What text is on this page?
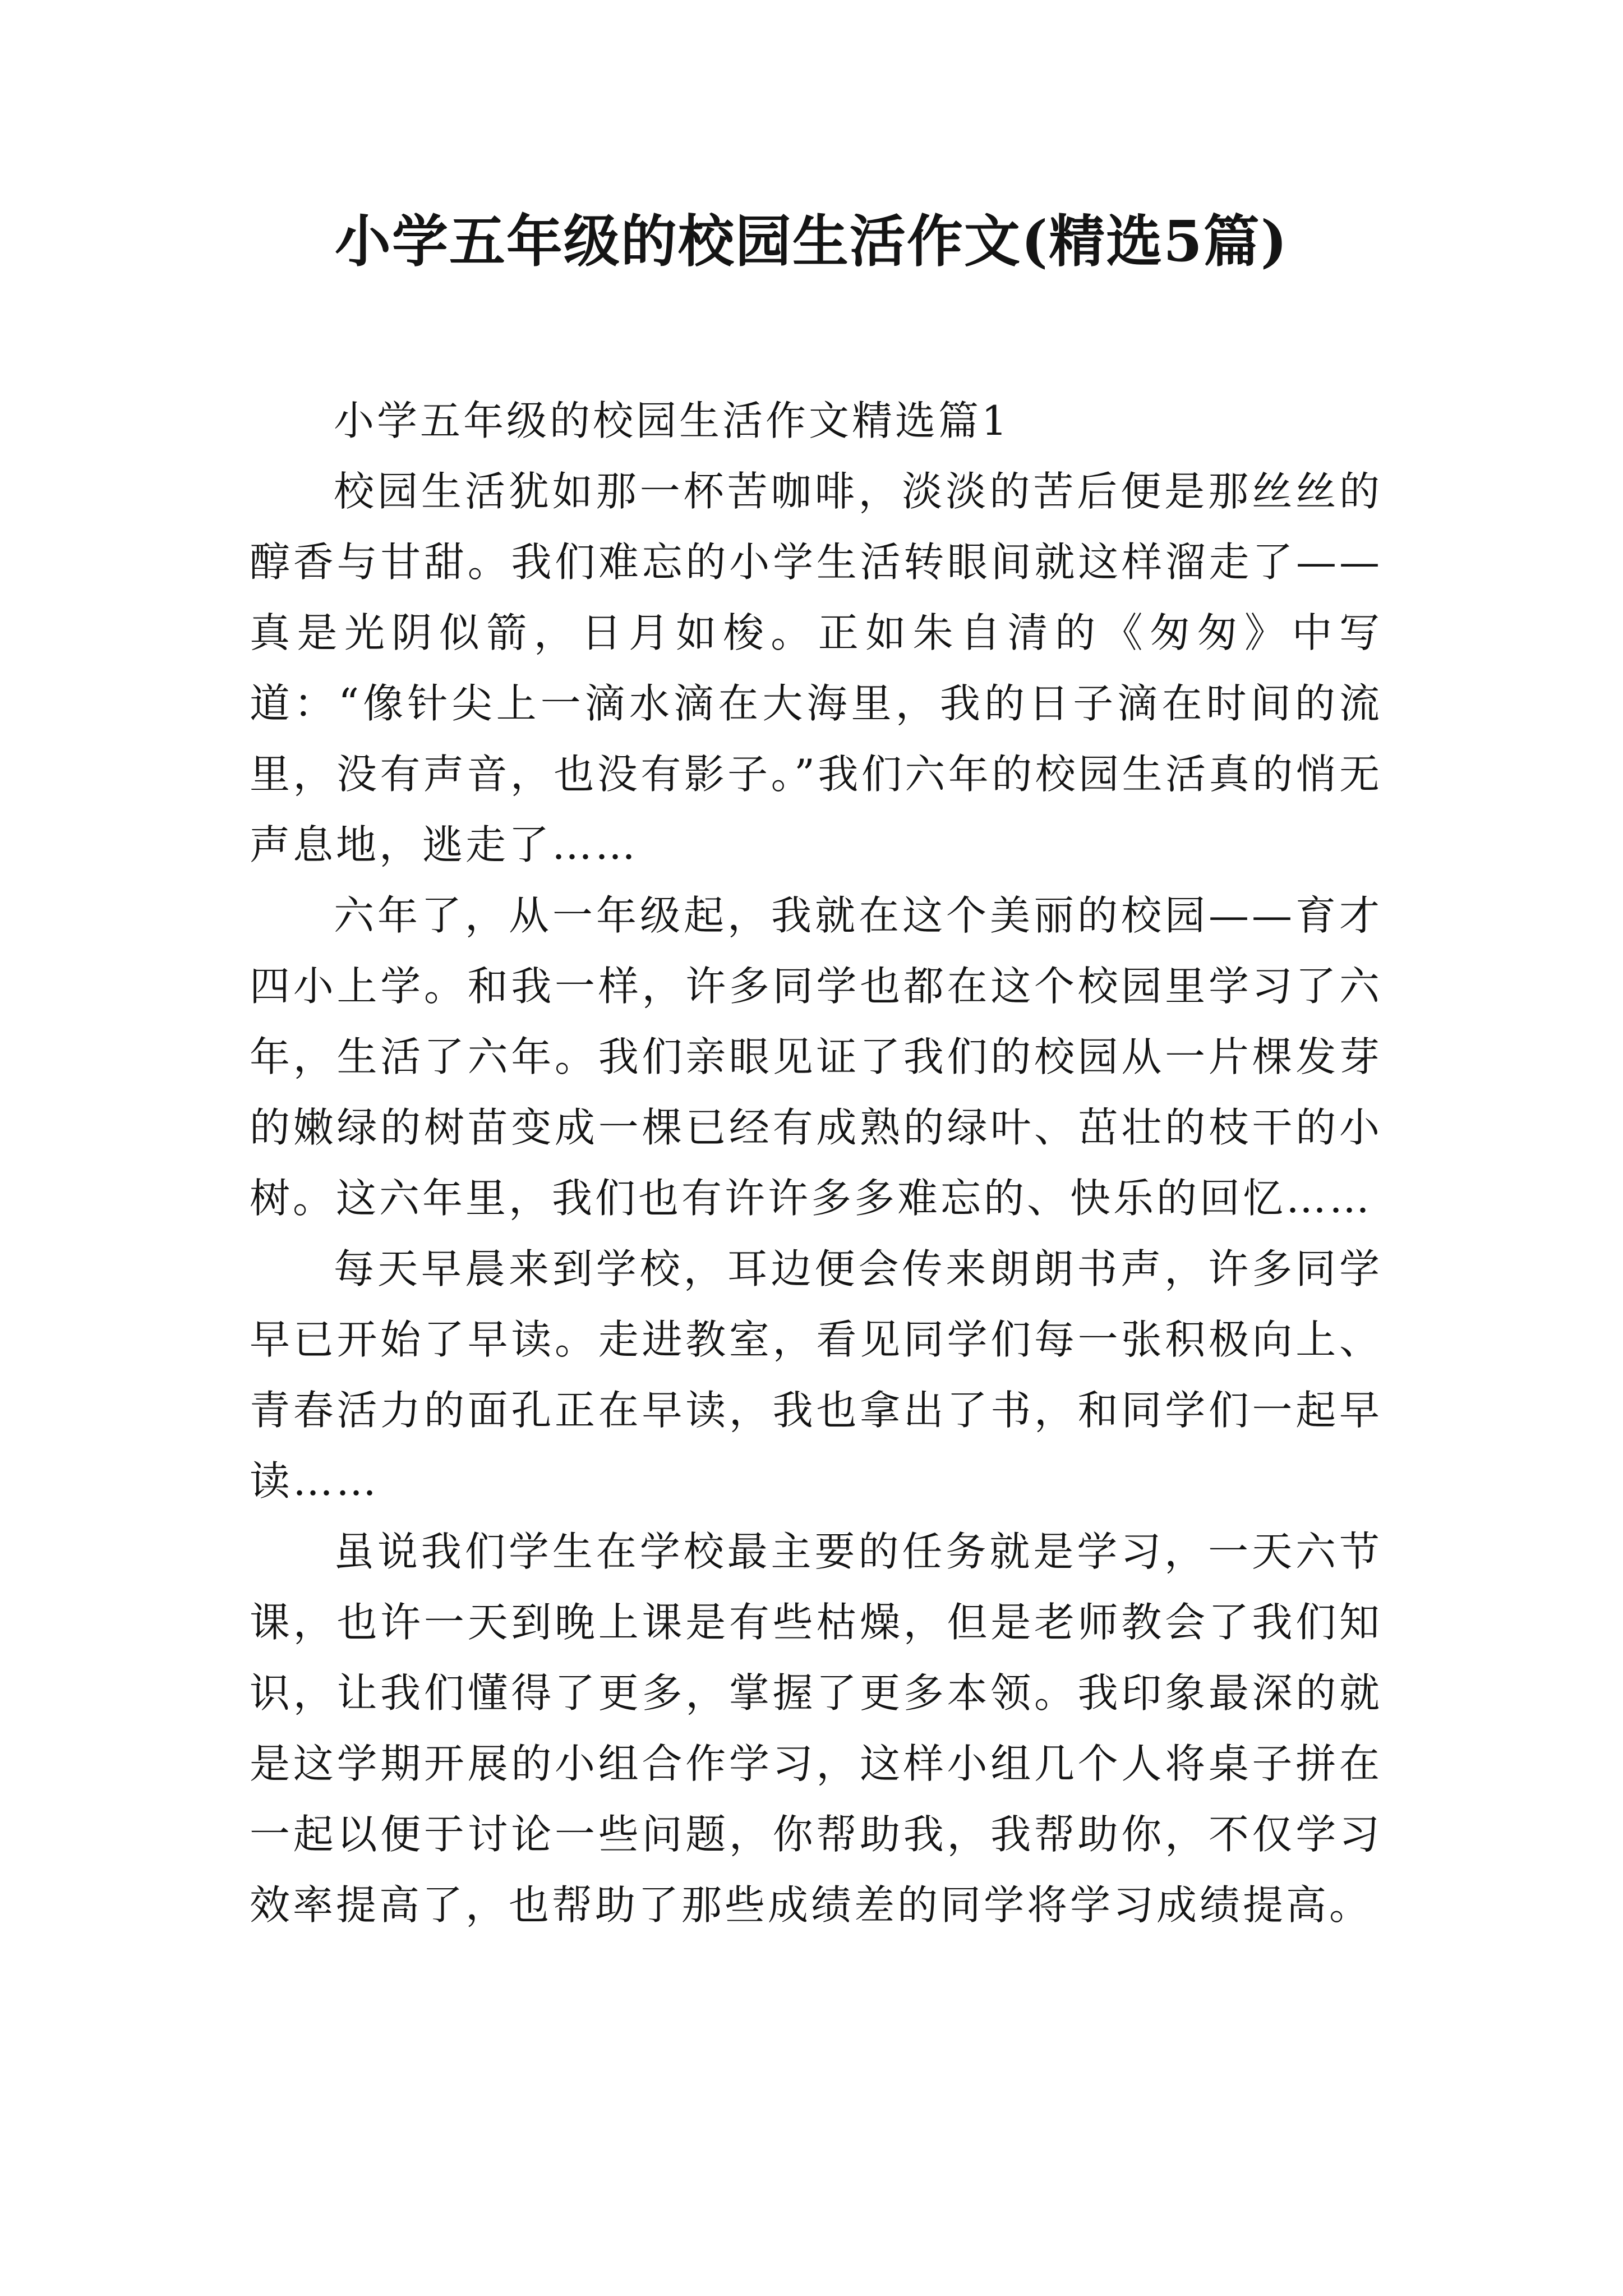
小学五年级的校园生活作文(精选5篇)
小学五年级的校园生活作文精选篇1

校园生活犹如那一杯苦咖啡，淡淡的苦后便是那丝丝的醇香与甘甜。我们难忘的小学生活转眼间就这样溜走了——真是光阴似箭，日月如梭。正如朱自清的《匆匆》中写道：“像针尖上一滴水滴在大海里，我的日子滴在时间的流里，没有声音，也没有影子。”我们六年的校园生活真的悄无声息地，逃走了……

六年了，从一年级起，我就在这个美丽的校园——育才四小上学。和我一样，许多同学也都在这个校园里学习了六年，生活了六年。我们亲眼见证了我们的校园从一片棵发芽的嫩绿的树苗变成一棵已经有成熟的绿叶、茁壮的枝干的小树。这六年里，我们也有许许多多难忘的、快乐的回忆……

每天早晨来到学校，耳边便会传来朗朗书声，许多同学早已开始了早读。走进教室，看见同学们每一张积极向上、青春活力的面孔正在早读，我也拿出了书，和同学们一起早读……

虽说我们学生在学校最主要的任务就是学习，一天六节课，也许一天到晚上课是有些枯燥，但是老师教会了我们知识，让我们懂得了更多，掌握了更多本领。我印象最深的就是这学期开展的小组合作学习，这样小组几个人将桌子拼在一起以便于讨论一些问题，你帮助我，我帮助你，不仅学习效率提高了，也帮助了那些成绩差的同学将学习成绩提高。
